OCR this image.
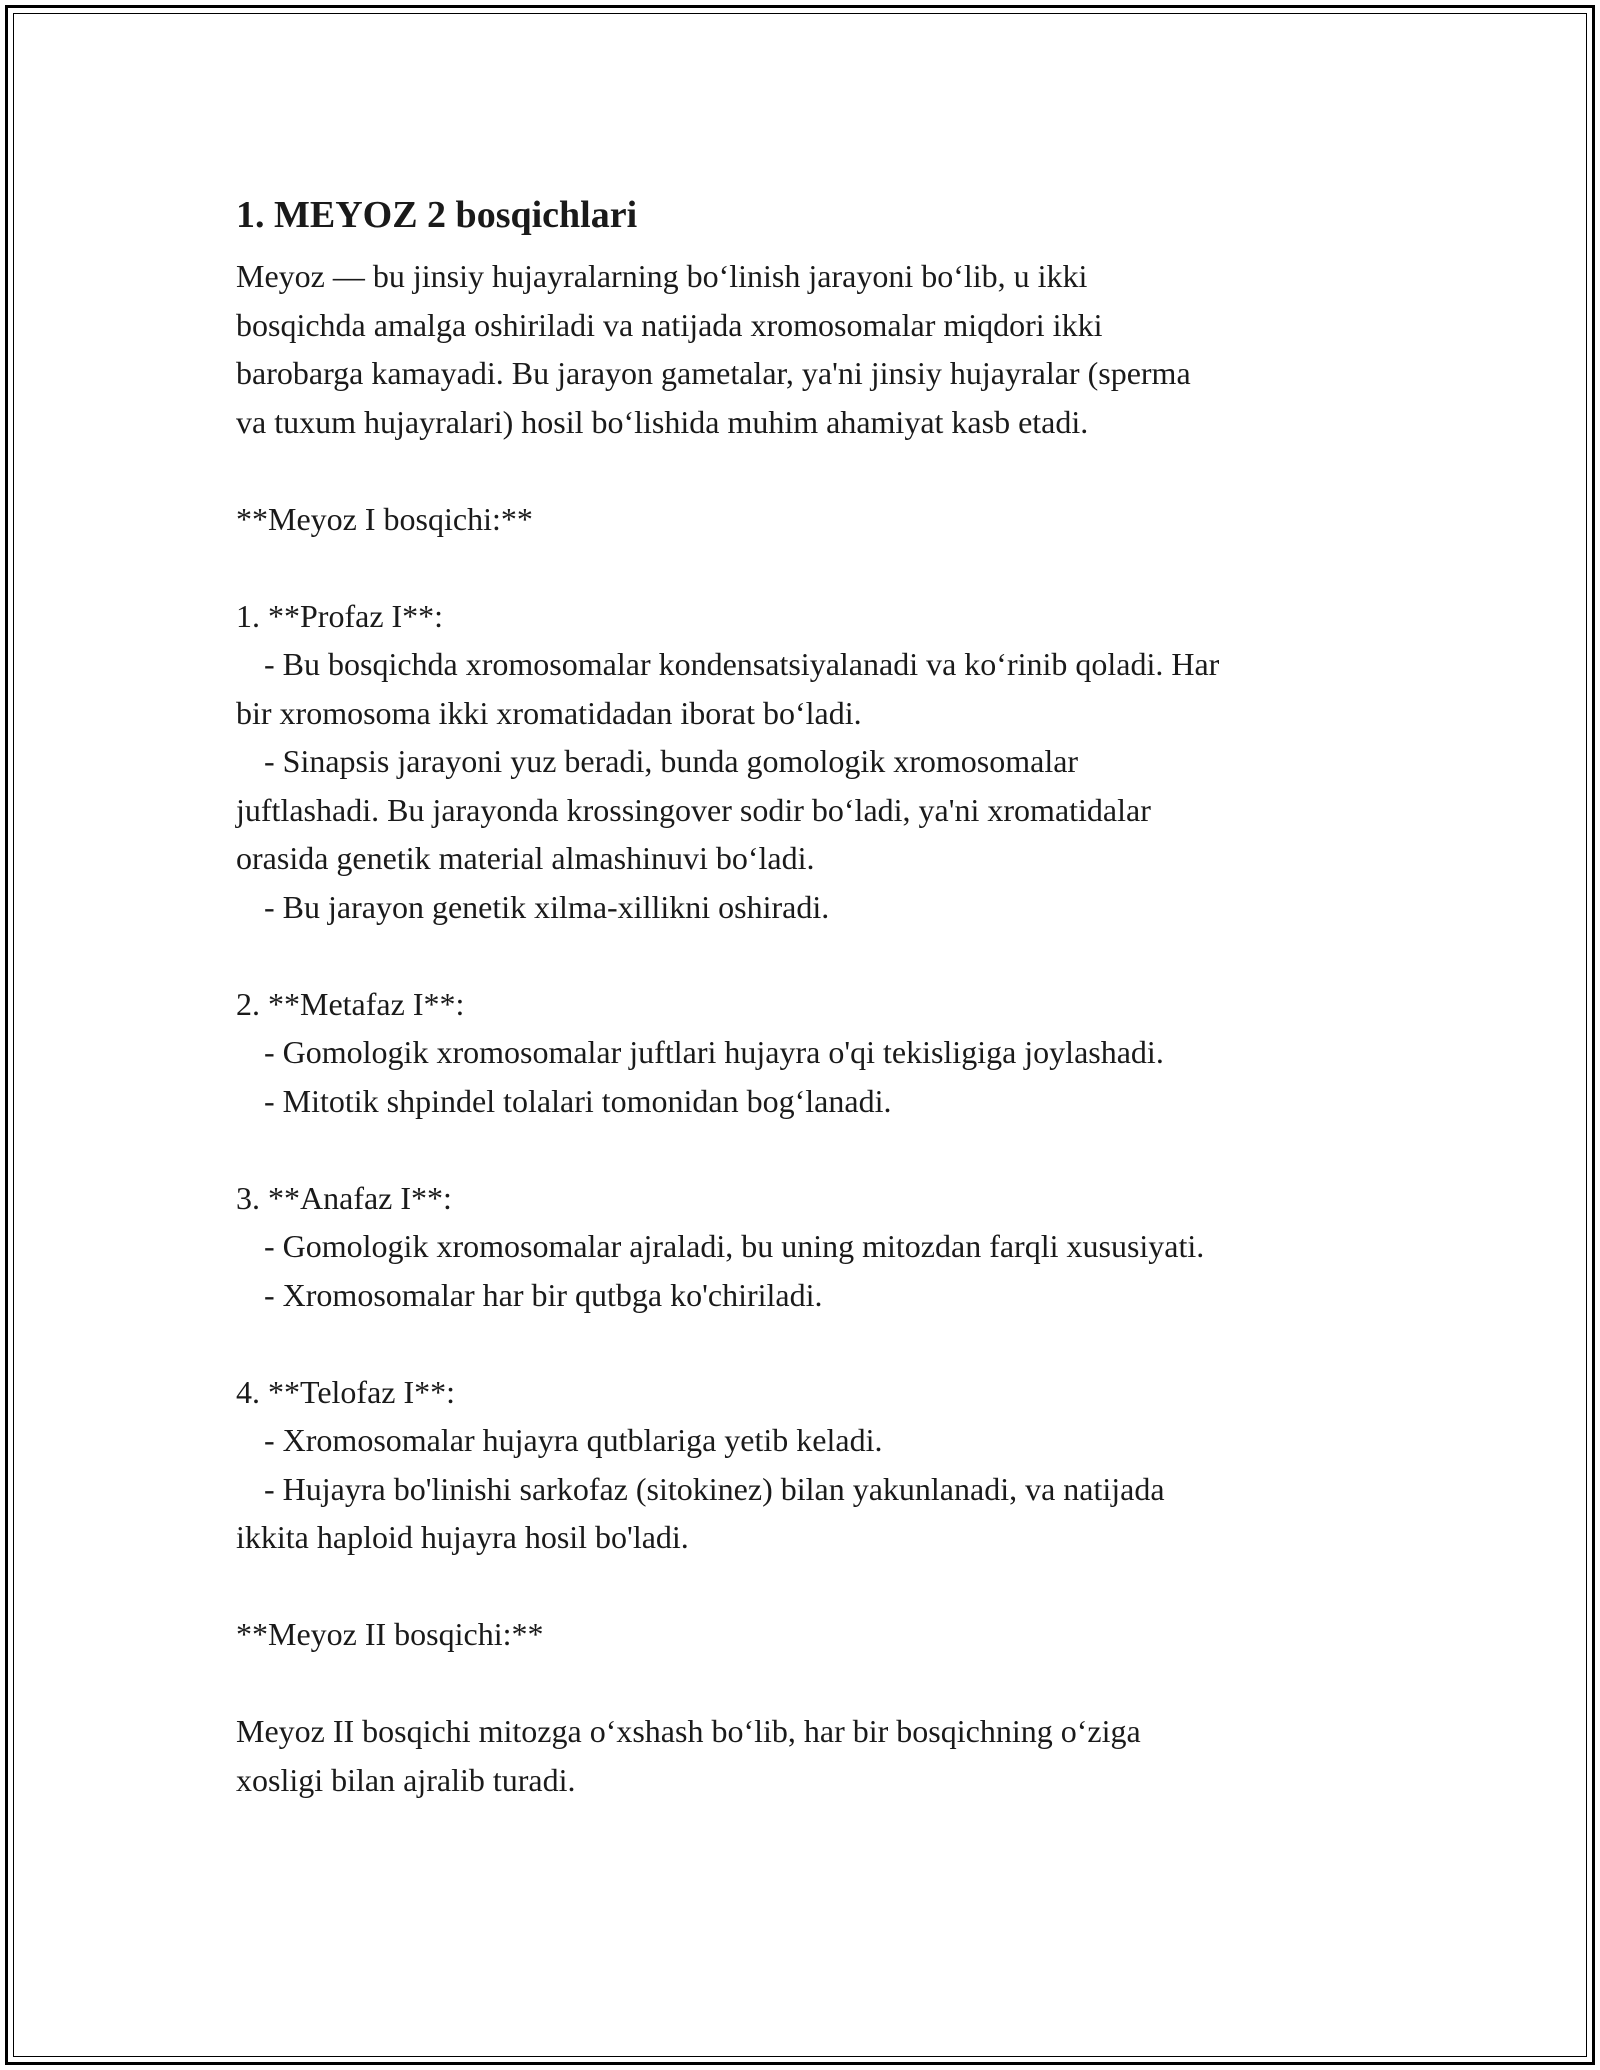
1. MEYOZ 2 bosqichlari

Meyoz — bu jinsiy hujayralarning bo‘linish jarayoni bo‘lib, u ikki
bosqichda amalga oshiriladi va natijada xromosomalar miqdori ikki
barobarga kamayadi. Bu jarayon gametalar, ya'ni jinsiy hujayralar (sperma
va tuxum hujayralari) hosil bo‘lishida muhim ahamiyat kasb etadi.

**Meyoz I bosqichi:**

1. **Profaz I**:

- Bu bosqichda xromosomalar kondensatsiyalanadi va ko‘rinib qoladi. Har
bir xromosoma ikki xromatidadan iborat bo‘ladi.

- Sinapsis jarayoni yuz beradi, bunda gomologik xromosomalar
juftlashadi. Bu jarayonda krossingover sodir bo‘ladi, ya'ni xromatidalar
orasida genetik material almashinuvi bo‘ladi.

- Bu jarayon genetik xilma-xillikni oshiradi.

2. **Metafaz I**:

- Gomologik xromosomalar juftlari hujayra o'qi tekisligiga joylashadi.

- Mitotik shpindel tolalari tomonidan bog‘lanadi.

3. **Anafaz I**:

- Gomologik xromosomalar ajraladi, bu uning mitozdan farqli xususiyati.

- Xromosomalar har bir qutbga ko'chiriladi.

4. **Telofaz I**:

- Xromosomalar hujayra qutblariga yetib keladi.

- Hujayra bo'linishi sarkofaz (sitokinez) bilan yakunlanadi, va natijada
ikkita haploid hujayra hosil bo'ladi.

**Meyoz II bosqichi:**

Meyoz II bosqichi mitozga o‘xshash bo‘lib, har bir bosqichning o‘ziga
xosligi bilan ajralib turadi.
